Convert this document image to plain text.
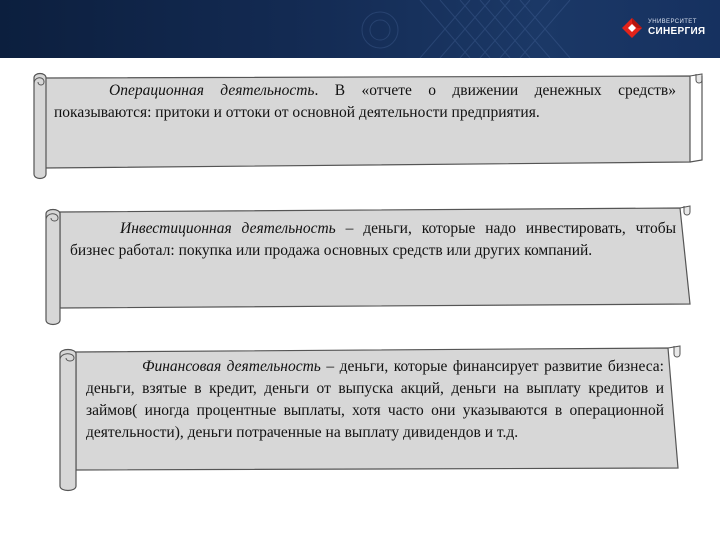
УНИВЕРСИТЕТ
СИНЕРГИЯ
Операционная деятельность. В «отчете о движении денежных средств» показываются: притоки и оттоки от основной деятельности предприятия.
Инвестиционная деятельность – деньги, которые надо инвестировать, чтобы бизнес работал: покупка или продажа основных средств или других компаний.
Финансовая деятельность – деньги, которые финансирует развитие бизнеса: деньги, взятые в кредит, деньги от выпуска акций, деньги на выплату кредитов и займов( иногда процентные выплаты, хотя часто они указываются в операционной деятельности), деньги потраченные на выплату дивидендов и т.д.
